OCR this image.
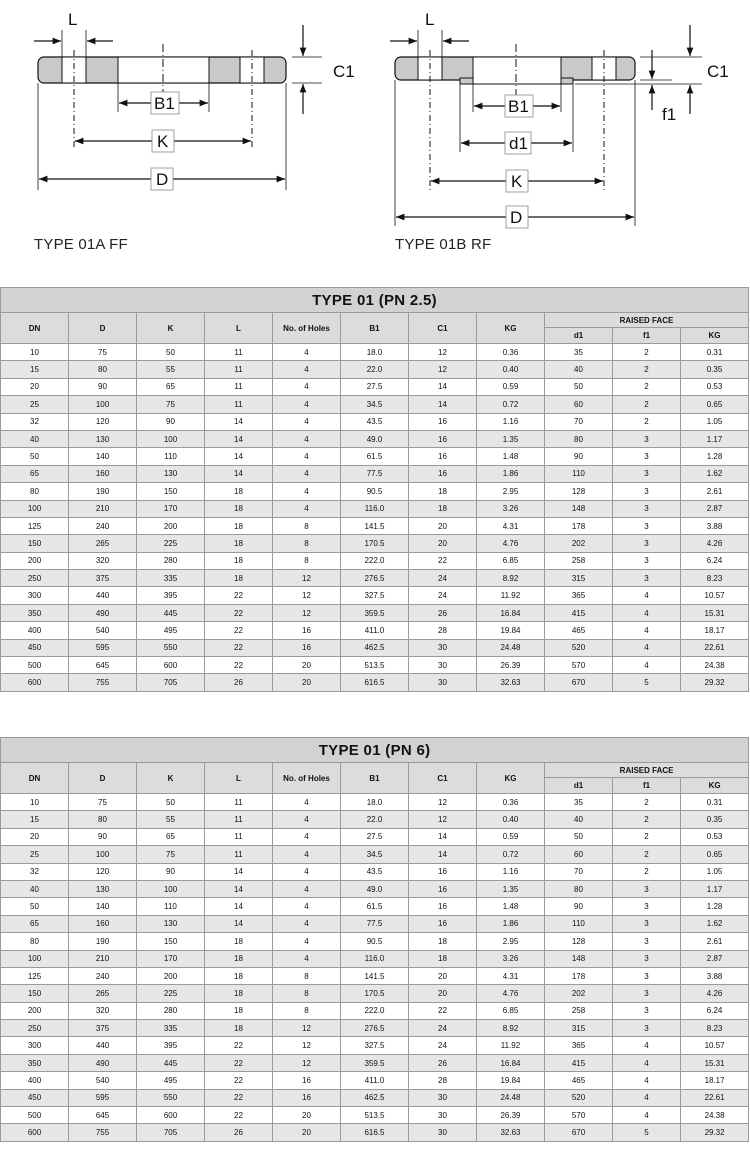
L
C1
B1
K
D
L
C1
f1
B1
d1
K
D
TYPE 01A FF	TYPE 01B RF
TYPE 01 (PN 2.5)										
DN	D	K	L	No. of Holes	B1	C1	KG	RAISED FACE		
								d1	f1	KG
10	75	50	11	4	18.0	12	0.36	35	2	0.31
15	80	55	11	4	22.0	12	0.40	40	2	0.35
20	90	65	11	4	27.5	14	0.59	50	2	0.53
25	100	75	11	4	34.5	14	0.72	60	2	0.65
32	120	90	14	4	43.5	16	1.16	70	2	1.05
40	130	100	14	4	49.0	16	1.35	80	3	1.17
50	140	110	14	4	61.5	16	1.48	90	3	1.28
65	160	130	14	4	77.5	16	1.86	110	3	1.62
80	190	150	18	4	90.5	18	2.95	128	3	2.61
100	210	170	18	4	116.0	18	3.26	148	3	2.87
125	240	200	18	8	141.5	20	4.31	178	3	3.88
150	265	225	18	8	170.5	20	4.76	202	3	4.26
200	320	280	18	8	222.0	22	6.85	258	3	6.24
250	375	335	18	12	276.5	24	8.92	315	3	8.23
300	440	395	22	12	327.5	24	11.92	365	4	10.57
350	490	445	22	12	359.5	26	16.84	415	4	15.31
400	540	495	22	16	411.0	28	19.84	465	4	18.17
450	595	550	22	16	462.5	30	24.48	520	4	22.61
500	645	600	22	20	513.5	30	26.39	570	4	24.38
600	755	705	26	20	616.5	30	32.63	670	5	29.32
TYPE 01 (PN 6)										
DN	D	K	L	No. of Holes	B1	C1	KG	RAISED FACE		
								d1	f1	KG
10	75	50	11	4	18.0	12	0.36	35	2	0.31
15	80	55	11	4	22.0	12	0.40	40	2	0.35
20	90	65	11	4	27.5	14	0.59	50	2	0.53
25	100	75	11	4	34.5	14	0.72	60	2	0.65
32	120	90	14	4	43.5	16	1.16	70	2	1.05
40	130	100	14	4	49.0	16	1.35	80	3	1.17
50	140	110	14	4	61.5	16	1.48	90	3	1.28
65	160	130	14	4	77.5	16	1.86	110	3	1.62
80	190	150	18	4	90.5	18	2.95	128	3	2.61
100	210	170	18	4	116.0	18	3.26	148	3	2.87
125	240	200	18	8	141.5	20	4.31	178	3	3.88
150	265	225	18	8	170.5	20	4.76	202	3	4.26
200	320	280	18	8	222.0	22	6.85	258	3	6.24
250	375	335	18	12	276.5	24	8.92	315	3	8.23
300	440	395	22	12	327.5	24	11.92	365	4	10.57
350	490	445	22	12	359.5	26	16.84	415	4	15.31
400	540	495	22	16	411.0	28	19.84	465	4	18.17
450	595	550	22	16	462.5	30	24.48	520	4	22.61
500	645	600	22	20	513.5	30	26.39	570	4	24.38
600	755	705	26	20	616.5	30	32.63	670	5	29.32
